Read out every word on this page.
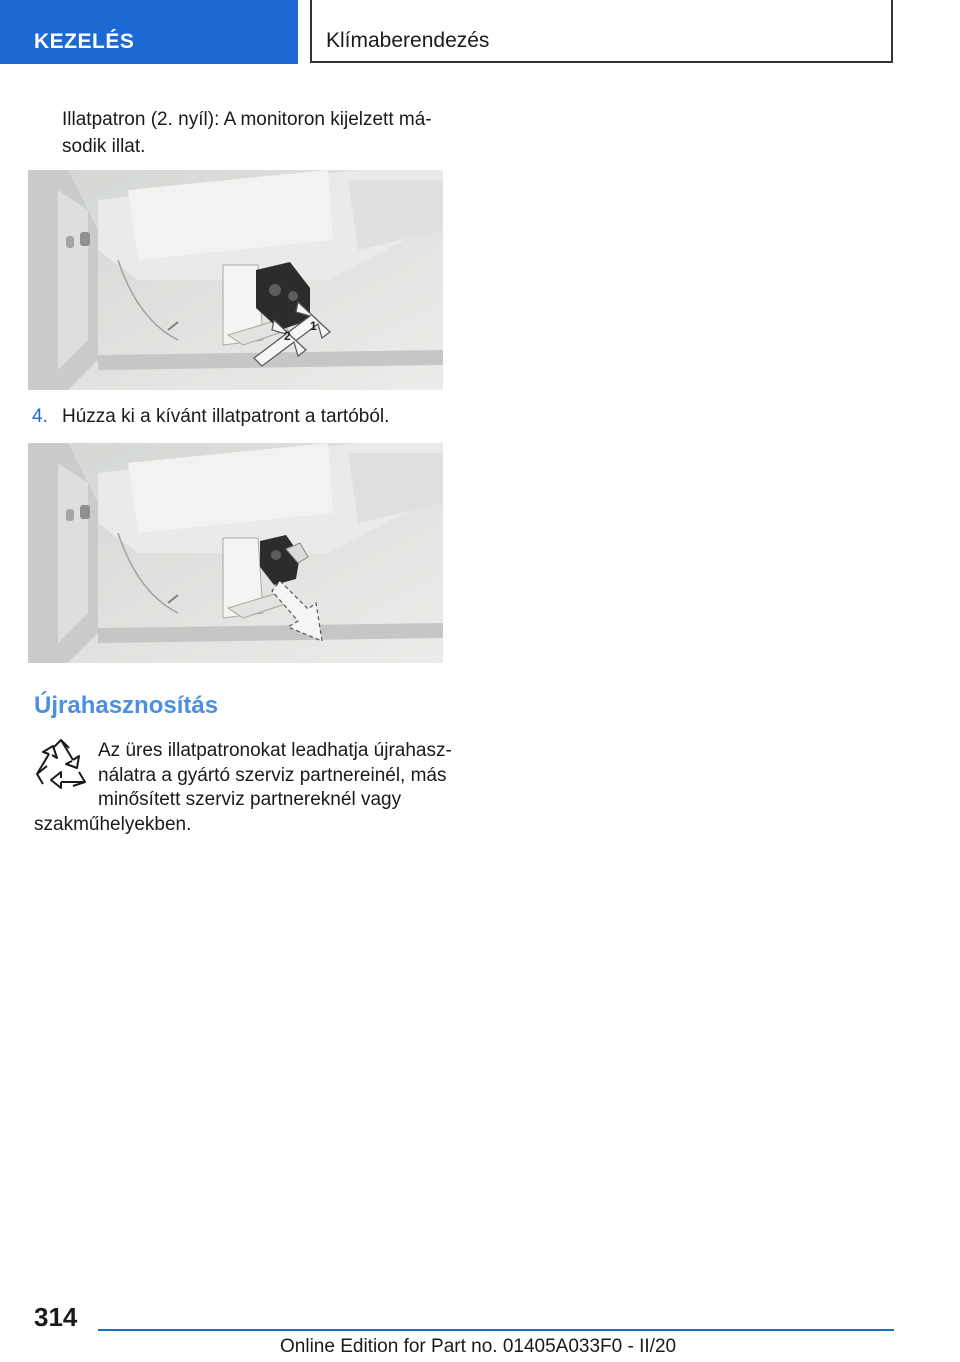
KEZELÉS	Klímaberendezés
Illatpatron (2. nyíl): A monitoron kijelzett má‐
sodik illat.
1
2
4. Húzza ki a kívánt illatpatront a tartóból.
Újrahasznosítás
Az üres illatpatronokat leadhatja újrahasz‐
nálatra a gyártó szerviz partnereinél, más
minősített szerviz partnereknél vagy
szakműhelyekben.
314
Online Edition for Part no. 01405A033F0 - II/20
